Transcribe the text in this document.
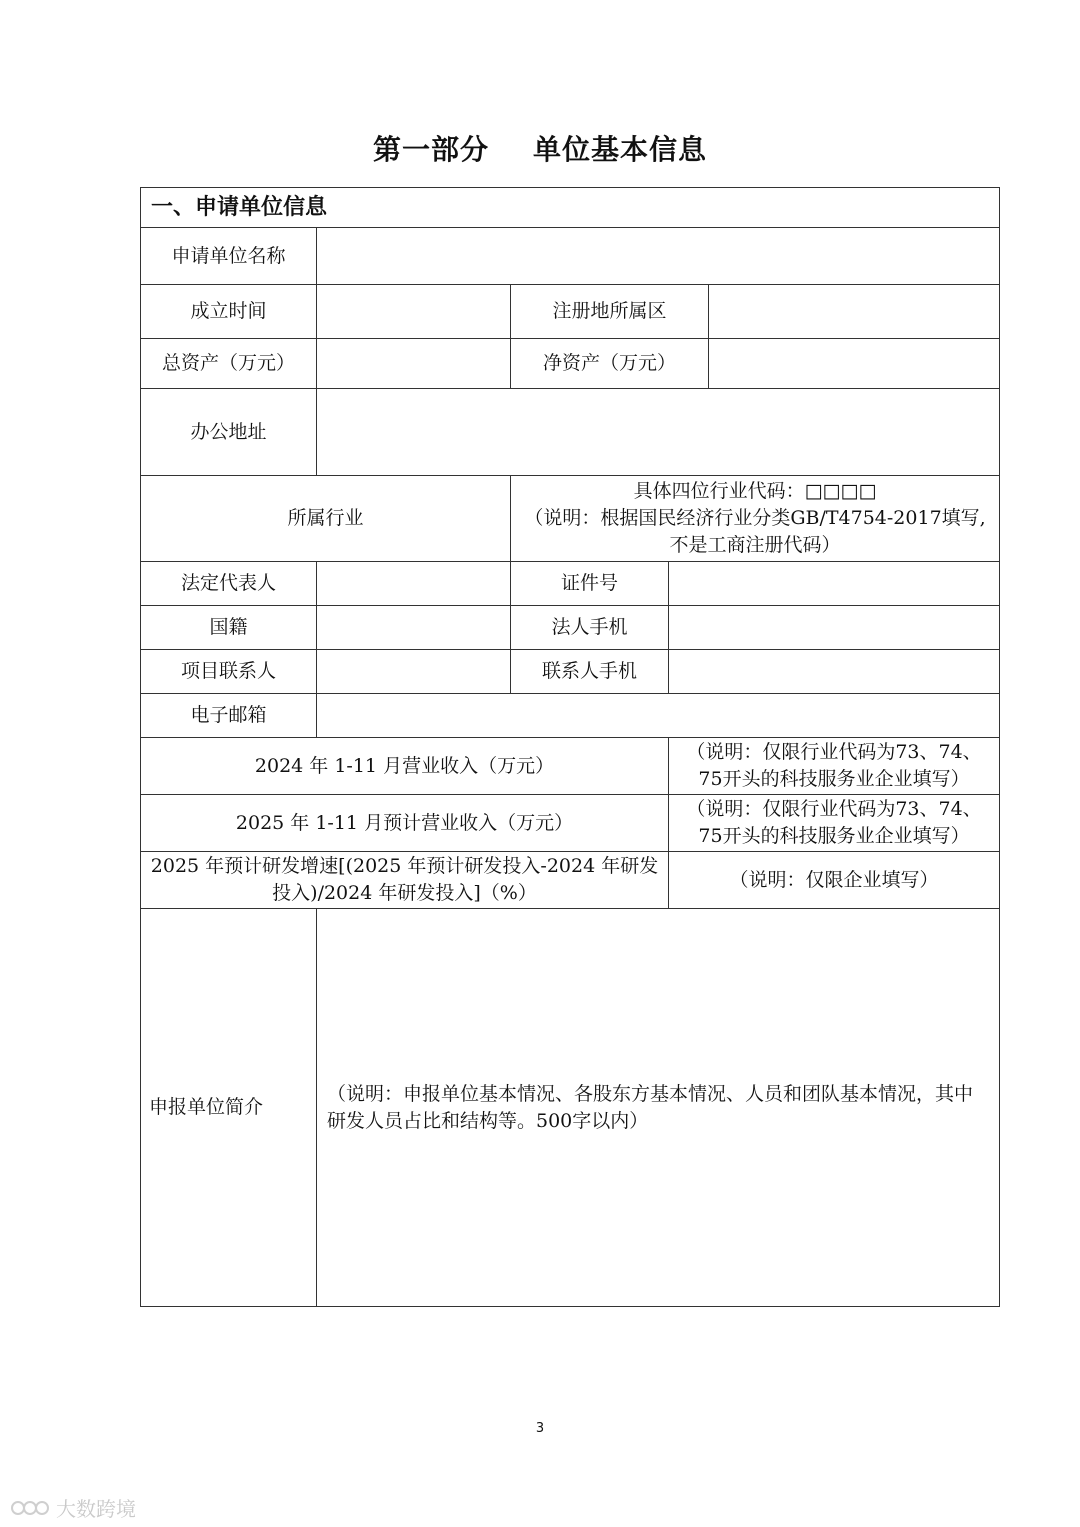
第一部分 单位基本信息
一、申请单位信息				
申请单位名称				
成立时间		注册地所属区		
总资产（万元）		净资产（万元）		
办公地址				
所属行业		具体四位行业代码：□□□□
（说明：根据国民经济行业分类GB/T4754-2017填写,不是工商注册代码）		

法定代表人		证件号		
国籍		法人手机		
项目联系人		联系人手机		
电子邮箱				
2024 年 1-11 月营业收入（万元）			（说明：仅限行业代码为73、74、75开头的科技服务业企业填写）	
2025 年 1-11 月预计营业收入（万元）			（说明：仅限行业代码为73、74、75开头的科技服务业企业填写）	
2025 年预计研发增速[(2025 年预计研发投入-2024 年研发投入)/2024 年研发投入]（%）			（说明：仅限企业填写）	
申报单位简介	（说明：申报单位基本情况、各股东方基本情况、人员和团队基本情况，其中研发人员占比和结构等。500字以内）			
3
大数跨境
